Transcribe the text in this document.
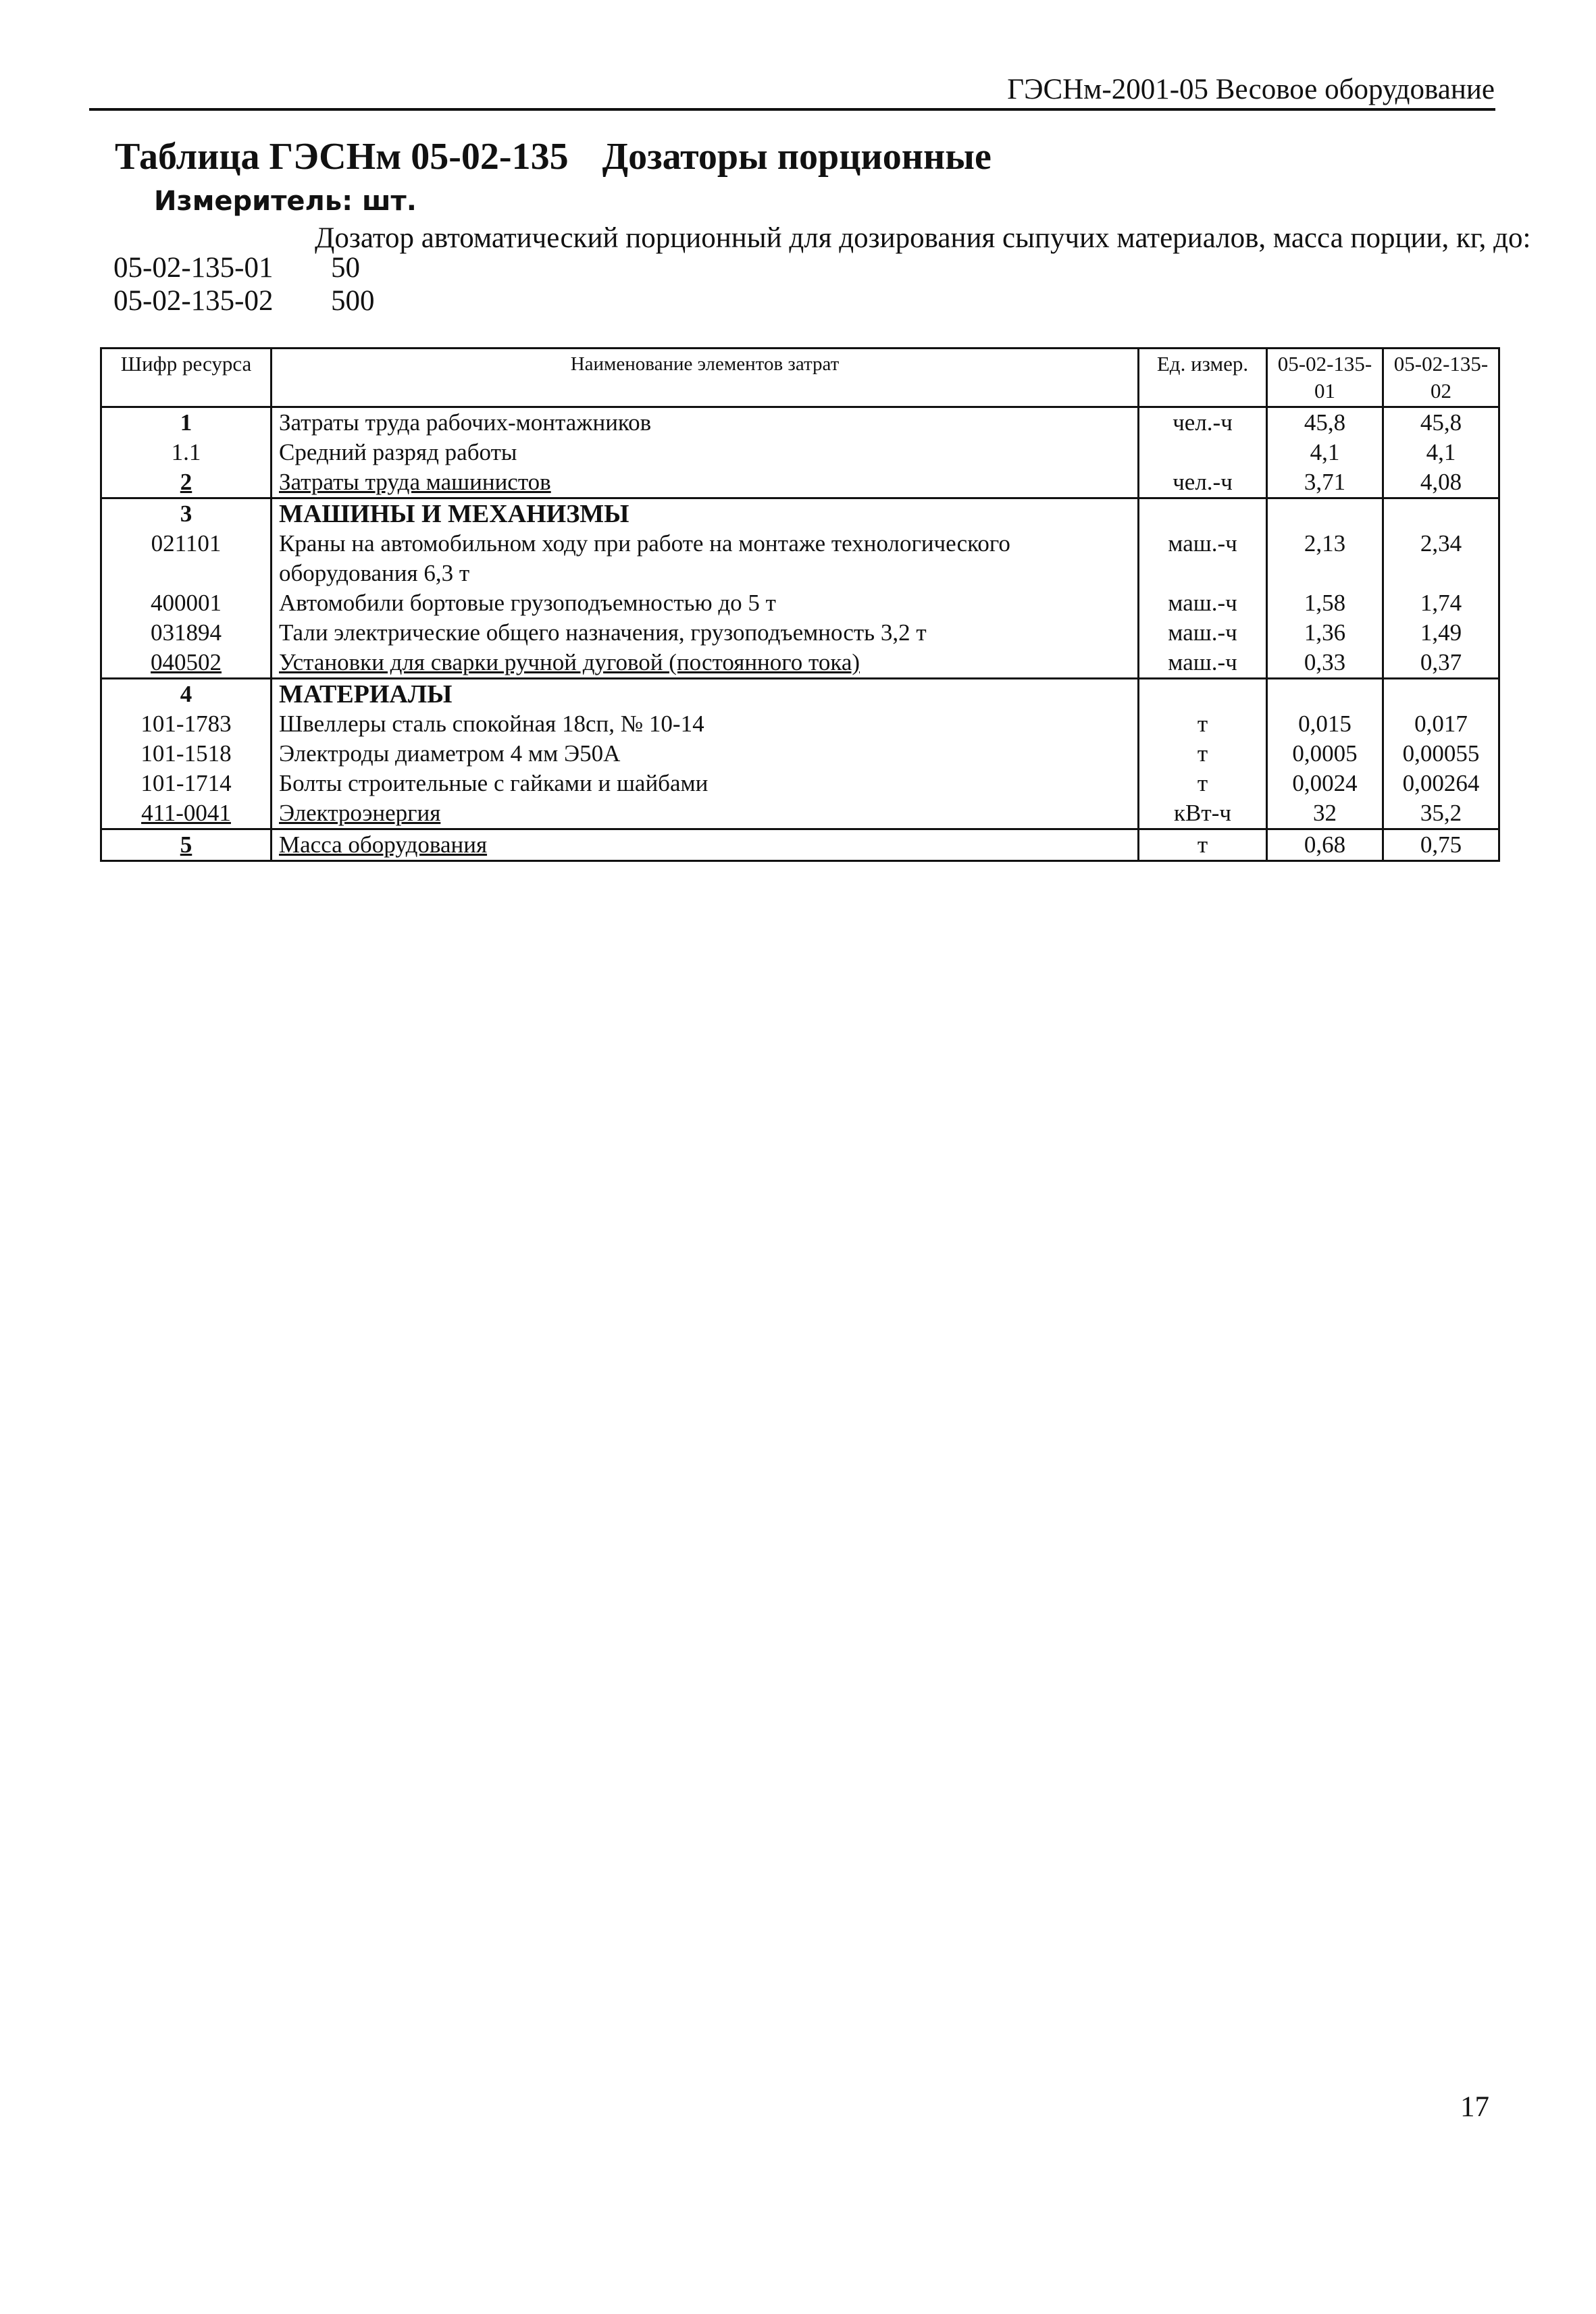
ГЭСНм-2001-05 Весовое оборудование
Таблица ГЭСНм 05-02-135 Дозаторы порционные
Измеритель: шт.
Дозатор автоматический порционный для дозирования сыпучих материалов, масса порции, кг, до:
05-02-135-01 50
05-02-135-02 500
Шифр ресурса	Наименование элементов затрат	Ед. измер.	05-02-135-01	05-02-135-02
1	Затраты труда рабочих-монтажников	чел.-ч	45,8	45,8
1.1	Средний разряд работы		4,1	4,1
2	Затраты труда машинистов	чел.-ч	3,71	4,08
3	МАШИНЫ И МЕХАНИЗМЫ			
021101	Краны на автомобильном ходу при работе на монтаже технологического оборудования 6,3 т	маш.-ч	2,13	2,34
400001	Автомобили бортовые грузоподъемностью до 5 т	маш.-ч	1,58	1,74
031894	Тали электрические общего назначения, грузоподъемность 3,2 т	маш.-ч	1,36	1,49
040502	Установки для сварки ручной дуговой (постоянного тока)	маш.-ч	0,33	0,37
4	МАТЕРИАЛЫ			
101-1783	Швеллеры сталь спокойная 18сп, № 10-14	т	0,015	0,017
101-1518	Электроды диаметром 4 мм Э50А	т	0,0005	0,00055
101-1714	Болты строительные с гайками и шайбами	т	0,0024	0,00264
411-0041	Электроэнергия	кВт-ч	32	35,2
5	Масса оборудования	т	0,68	0,75
17
